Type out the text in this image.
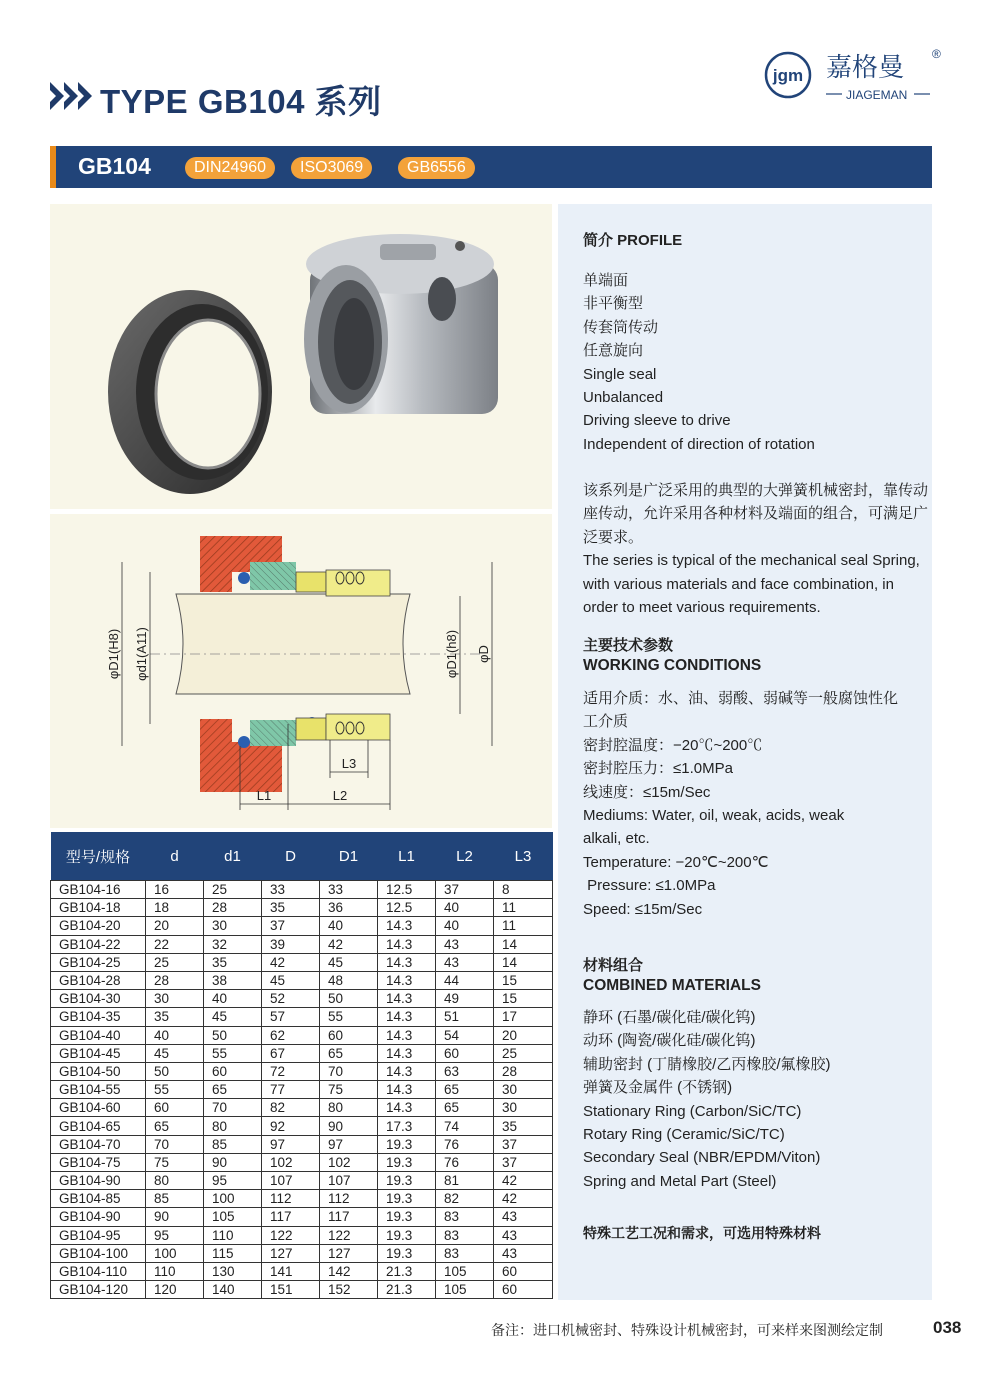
TYPE GB104 系列
jgm 嘉格曼 ®
JIAGEMAN
GB104	DIN24960	ISO3069	GB6556
φD1(H8) φd1(A11)	φD1(h8) φD
L1	L2
L3
型号/规格	d	d1	D	D1	L1	L2	L3
GB104-16	16	25	33	33	12.5	37	8
GB104-18	18	28	35	36	12.5	40	11
GB104-20	20	30	37	40	14.3	40	11
GB104-22	22	32	39	42	14.3	43	14
GB104-25	25	35	42	45	14.3	43	14
GB104-28	28	38	45	48	14.3	44	15
GB104-30	30	40	52	50	14.3	49	15
GB104-35	35	45	57	55	14.3	51	17
GB104-40	40	50	62	60	14.3	54	20
GB104-45	45	55	67	65	14.3	60	25
GB104-50	50	60	72	70	14.3	63	28
GB104-55	55	65	77	75	14.3	65	30
GB104-60	60	70	82	80	14.3	65	30
GB104-65	65	80	92	90	17.3	74	35
GB104-70	70	85	97	97	19.3	76	37
GB104-75	75	90	102	102	19.3	76	37
GB104-90	80	95	107	107	19.3	81	42
GB104-85	85	100	112	112	19.3	82	42
GB104-90	90	105	117	117	19.3	83	43
GB104-95	95	110	122	122	19.3	83	43
GB104-100	100	115	127	127	19.3	83	43
GB104-110	110	130	141	142	21.3	105	60
GB104-120	120	140	151	152	21.3	105	60
简介 PROFILE
单端面
非平衡型
传套筒传动
任意旋向
Single seal
Unbalanced
Driving sleeve to drive
Independent of direction of rotation
该系列是广泛采用的典型的大弹簧机械密封，靠传动
座传动，允许采用各种材料及端面的组合，可满足广
泛要求。
The series is typical of the mechanical seal Spring,
with various materials and face combination, in
order to meet various requirements.
主要技术参数
WORKING CONDITIONS
适用介质：水、油、弱酸、弱碱等一般腐蚀性化
工介质
密封腔温度：−20℃~200℃
密封腔压力：≤1.0MPa
线速度：≤15m/Sec
Mediums: Water, oil, weak, acids, weak
alkali, etc.
Temperature: −20℃~200℃
Pressure: ≤1.0MPa
Speed: ≤15m/Sec
材料组合
COMBINED MATERIALS
静环 (石墨/碳化硅/碳化钨)
动环 (陶瓷/碳化硅/碳化钨)
辅助密封 (丁腈橡胶/乙丙橡胶/氟橡胶)
弹簧及金属件 (不锈钢)
Stationary Ring (Carbon/SiC/TC)
Rotary Ring (Ceramic/SiC/TC)
Secondary Seal (NBR/EPDM/Viton)
Spring and Metal Part (Steel)
特殊工艺工况和需求，可选用特殊材料
备注：进口机械密封、特殊设计机械密封，可来样来图测绘定制	038
